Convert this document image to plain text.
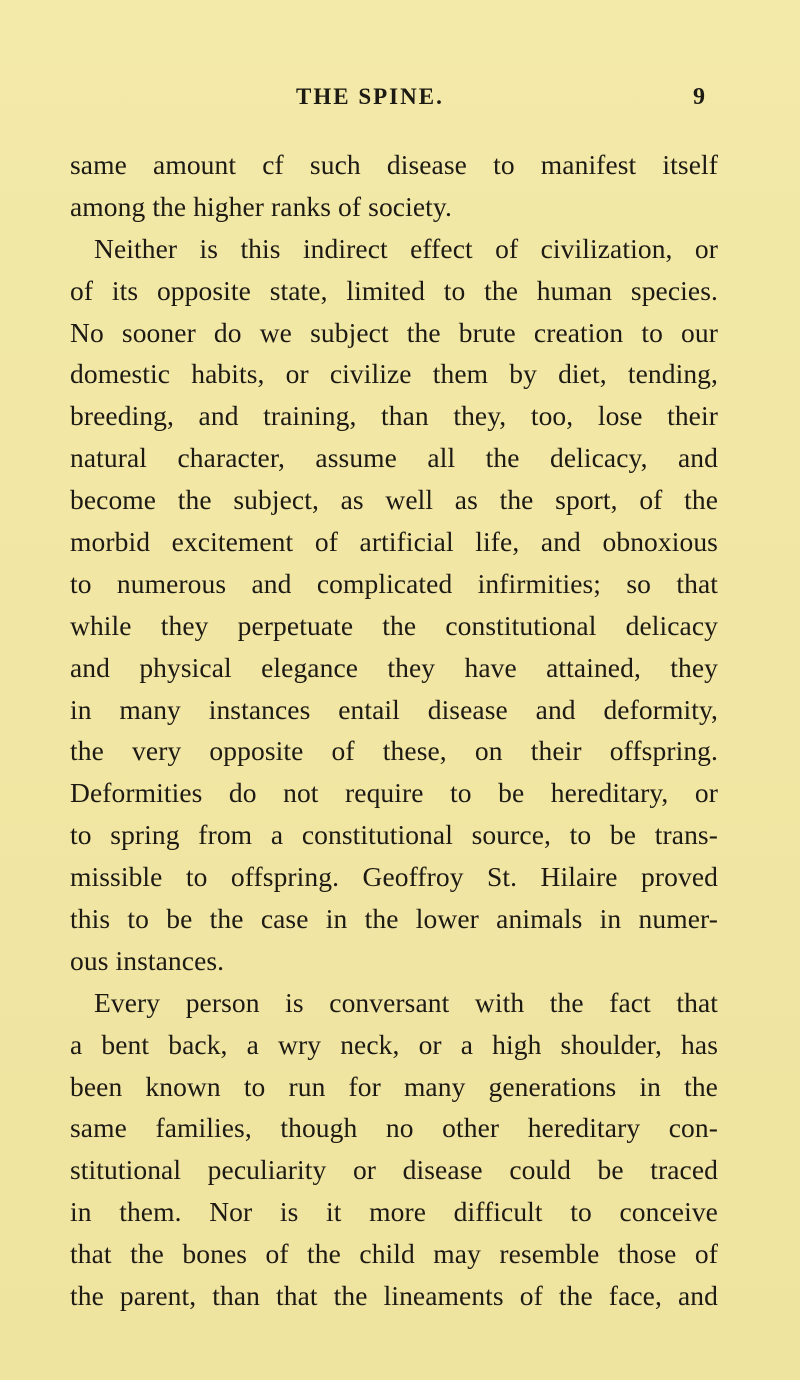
THE SPINE.	9
same amount cf such disease to manifest itself
among the higher ranks of society.
Neither is this indirect effect of civilization, or
of its opposite state, limited to the human species.
No sooner do we subject the brute creation to our
domestic habits, or civilize them by diet, tending,
breeding, and training, than they, too, lose their
natural character, assume all the delicacy, and
become the subject, as well as the sport, of the
morbid excitement of artificial life, and obnoxious
to numerous and complicated infirmities; so that
while they perpetuate the constitutional delicacy
and physical elegance they have attained, they
in many instances entail disease and deformity,
the very opposite of these, on their offspring.
Deformities do not require to be hereditary, or
to spring from a constitutional source, to be trans-
missible to offspring. Geoffroy St. Hilaire proved
this to be the case in the lower animals in numer-
ous instances.
Every person is conversant with the fact that
a bent back, a wry neck, or a high shoulder, has
been known to run for many generations in the
same families, though no other hereditary con-
stitutional peculiarity or disease could be traced
in them. Nor is it more difficult to conceive
that the bones of the child may resemble those of
the parent, than that the lineaments of the face, and
